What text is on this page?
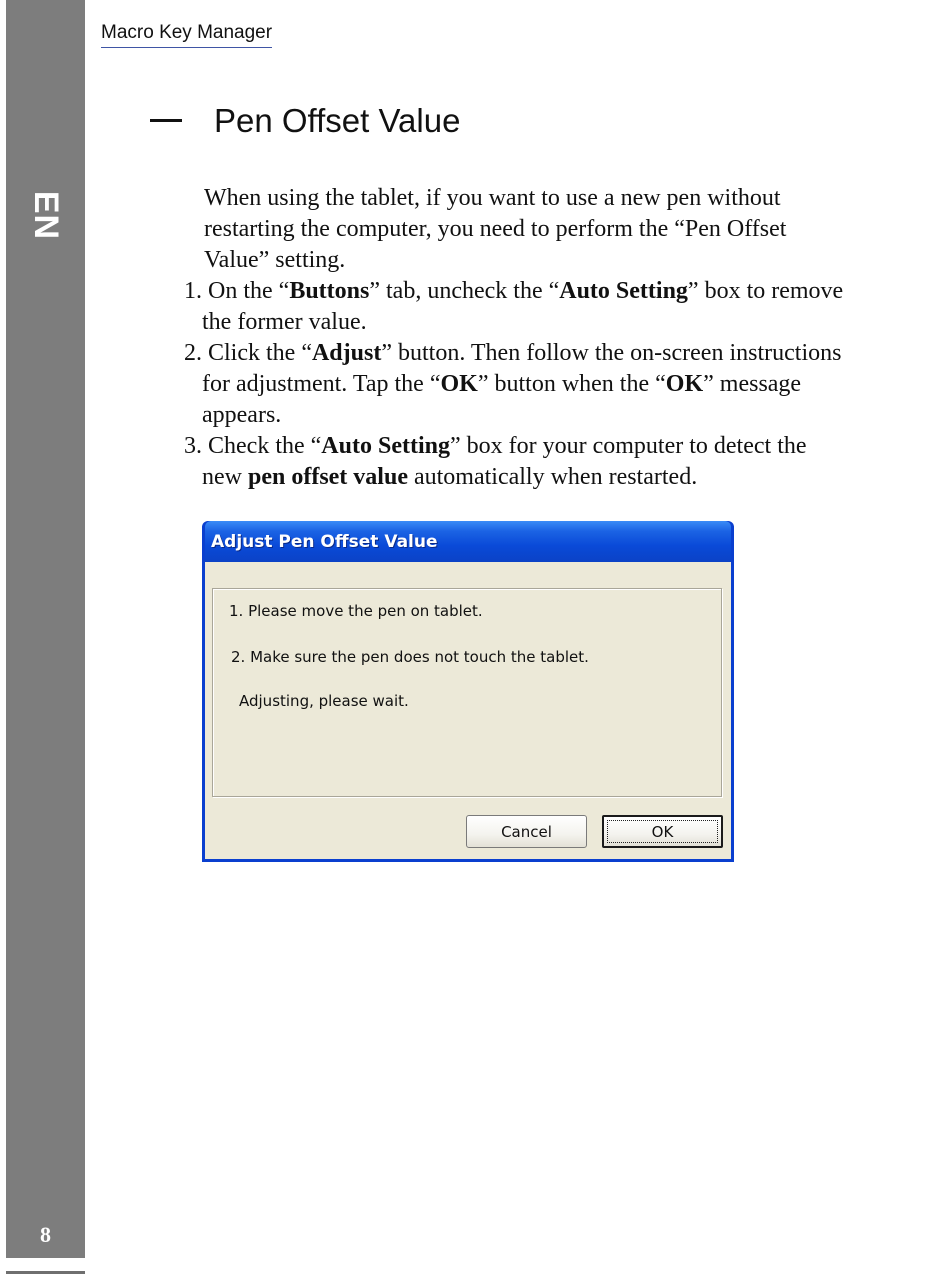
EN
8
Macro Key Manager
Pen Offset Value

When using the tablet, if you want to use a new pen without restarting the computer, you need to perform the “Pen Offset Value” setting.

1. On the “Buttons” tab, uncheck the “Auto Setting” box to remove the former value.
2. Click the “Adjust” button. Then follow the on-screen instructions for adjustment. Tap the “OK” button when the “OK” message appears.
3. Check the “Auto Setting” box for your computer to detect the new pen offset value automatically when restarted.
Adjust Pen Offset Value
1. Please move the pen on tablet.
2. Make sure the pen does not touch the tablet.
Adjusting, please wait.
Cancel	OK
